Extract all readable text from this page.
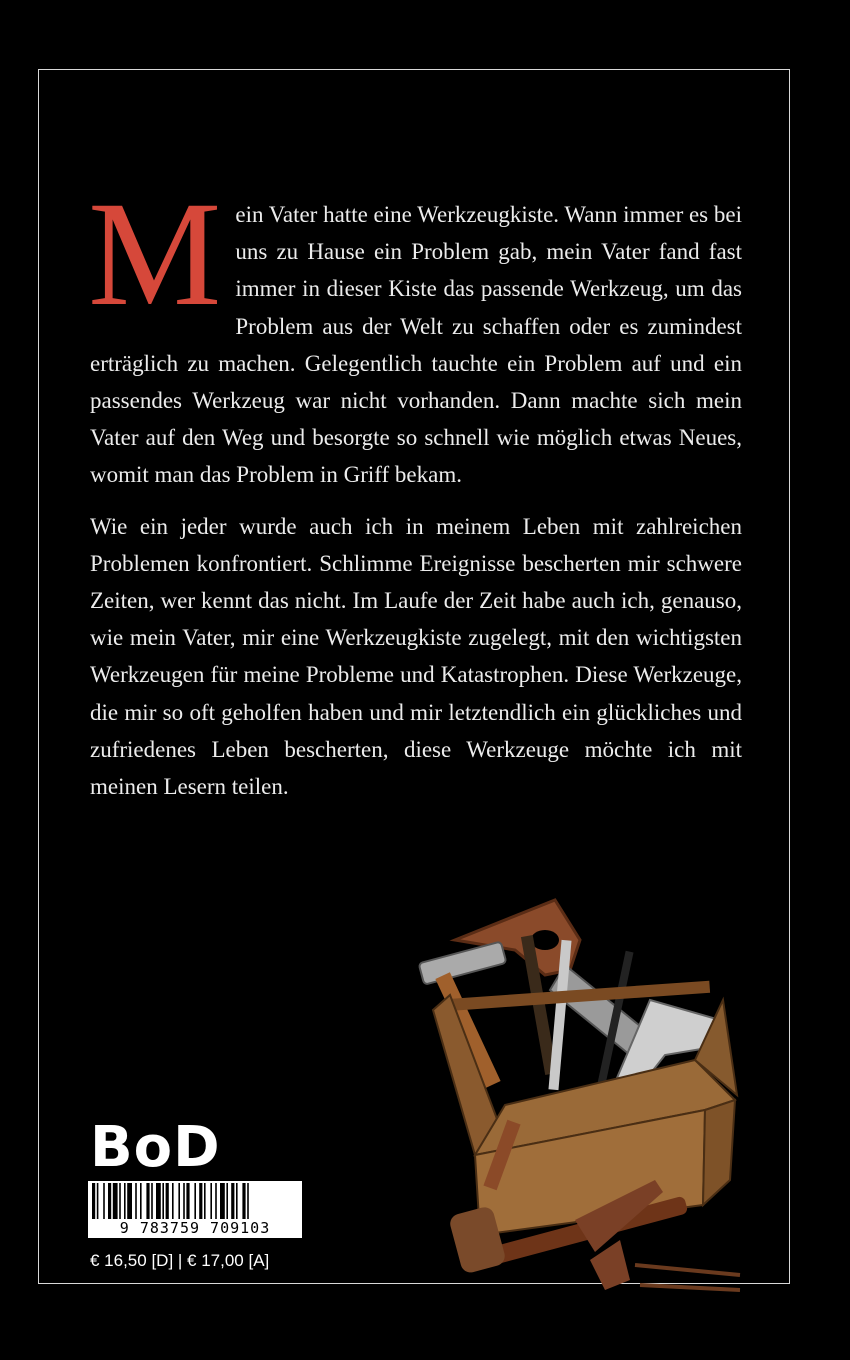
Mein Vater hatte eine Werkzeugkiste. Wann immer es bei uns zu Hause ein Problem gab, mein Vater fand fast immer in dieser Kiste das passende Werkzeug, um das Problem aus der Welt zu schaffen oder es zumindest erträglich zu machen. Gelegentlich tauchte ein Problem auf und ein passendes Werkzeug war nicht vorhanden. Dann machte sich mein Vater auf den Weg und besorgte so schnell wie möglich etwas Neues, womit man das Problem in Griff bekam.

Wie ein jeder wurde auch ich in meinem Leben mit zahlreichen Problemen konfrontiert. Schlimme Ereignisse bescherten mir schwere Zeiten, wer kennt das nicht. Im Laufe der Zeit habe auch ich, genauso, wie mein Vater, mir eine Werkzeugkiste zugelegt, mit den wichtigsten Werkzeugen für meine Probleme und Katastrophen. Diese Werkzeuge, die mir so oft geholfen haben und mir letztendlich ein glückliches und zufriedenes Leben bescherten, diese Werkzeuge möchte ich mit meinen Lesern teilen.

BoD
9 783759 709103
€ 16,50 [D] | € 17,00 [A]
